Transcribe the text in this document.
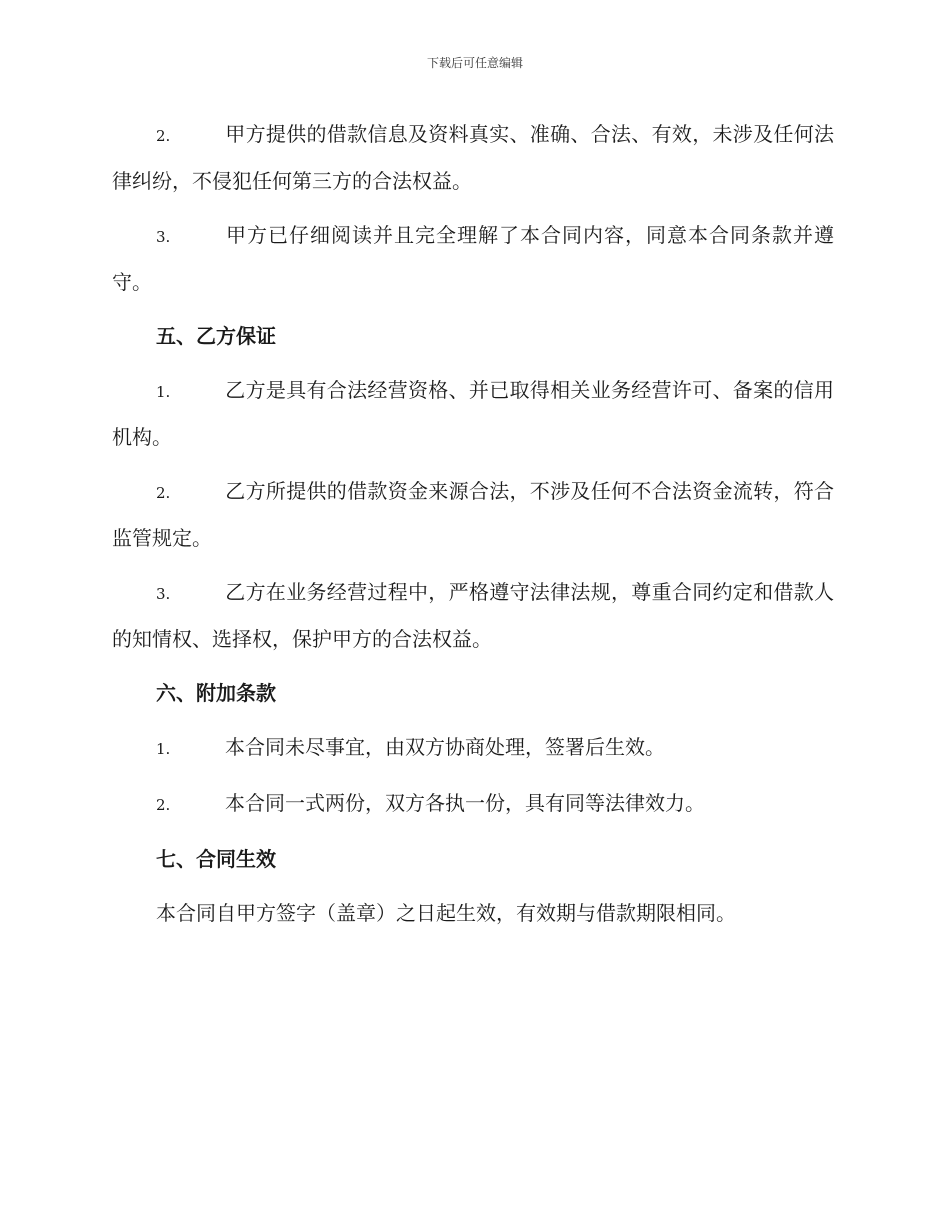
下载后可任意编辑
2.	甲方提供的借款信息及资料真实、准确、合法、有效，未涉及任何法律纠纷，不侵犯任何第三方的合法权益。
3.	甲方已仔细阅读并且完全理解了本合同内容，同意本合同条款并遵守。
五、乙方保证
1.	乙方是具有合法经营资格、并已取得相关业务经营许可、备案的信用机构。
2.	乙方所提供的借款资金来源合法，不涉及任何不合法资金流转，符合监管规定。
3.	乙方在业务经营过程中，严格遵守法律法规，尊重合同约定和借款人的知情权、选择权，保护甲方的合法权益。
六、附加条款
1.	本合同未尽事宜，由双方协商处理，签署后生效。
2.	本合同一式两份，双方各执一份，具有同等法律效力。
七、合同生效
本合同自甲方签字（盖章）之日起生效，有效期与借款期限相同。
